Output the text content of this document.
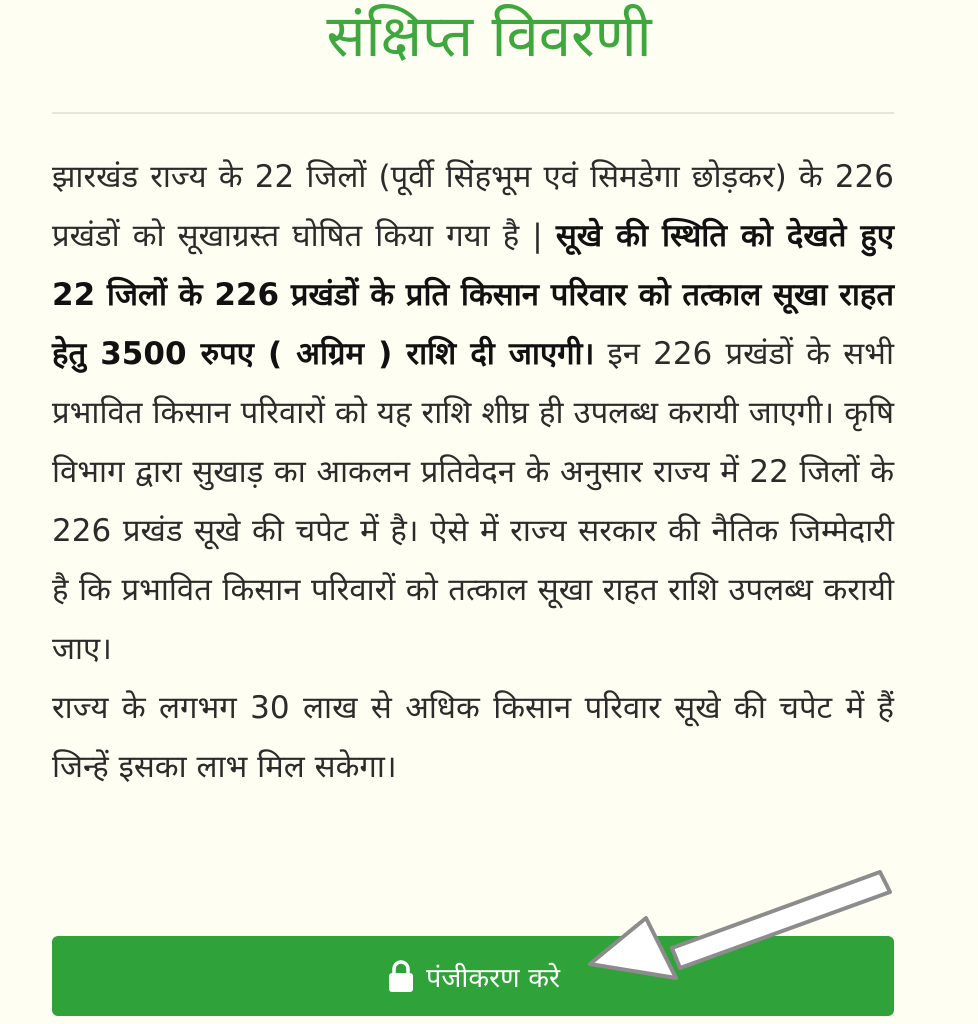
संक्षिप्त विवरणी

झारखंड राज्य के 22 जिलों (पूर्वी सिंहभूम एवं सिमडेगा छोड़कर) के 226 प्रखंडों को सूखाग्रस्त घोषित किया गया है | सूखे की स्थिति को देखते हुए 22 जिलों के 226 प्रखंडों के प्रति किसान परिवार को तत्काल सूखा राहत हेतु 3500 रुपए ( अग्रिम ) राशि दी जाएगी। इन 226 प्रखंडों के सभी प्रभावित किसान परिवारों को यह राशि शीघ्र ही उपलब्ध करायी जाएगी। कृषि विभाग द्वारा सुखाड़ का आकलन प्रतिवेदन के अनुसार राज्य में 22 जिलों के 226 प्रखंड सूखे की चपेट में है। ऐसे में राज्य सरकार की नैतिक जिम्मेदारी है कि प्रभावित किसान परिवारों को तत्काल सूखा राहत राशि उपलब्ध करायी जाए।

राज्य के लगभग 30 लाख से अधिक किसान परिवार सूखे की चपेट में हैं जिन्हें इसका लाभ मिल सकेगा।

पंजीकरण करे
